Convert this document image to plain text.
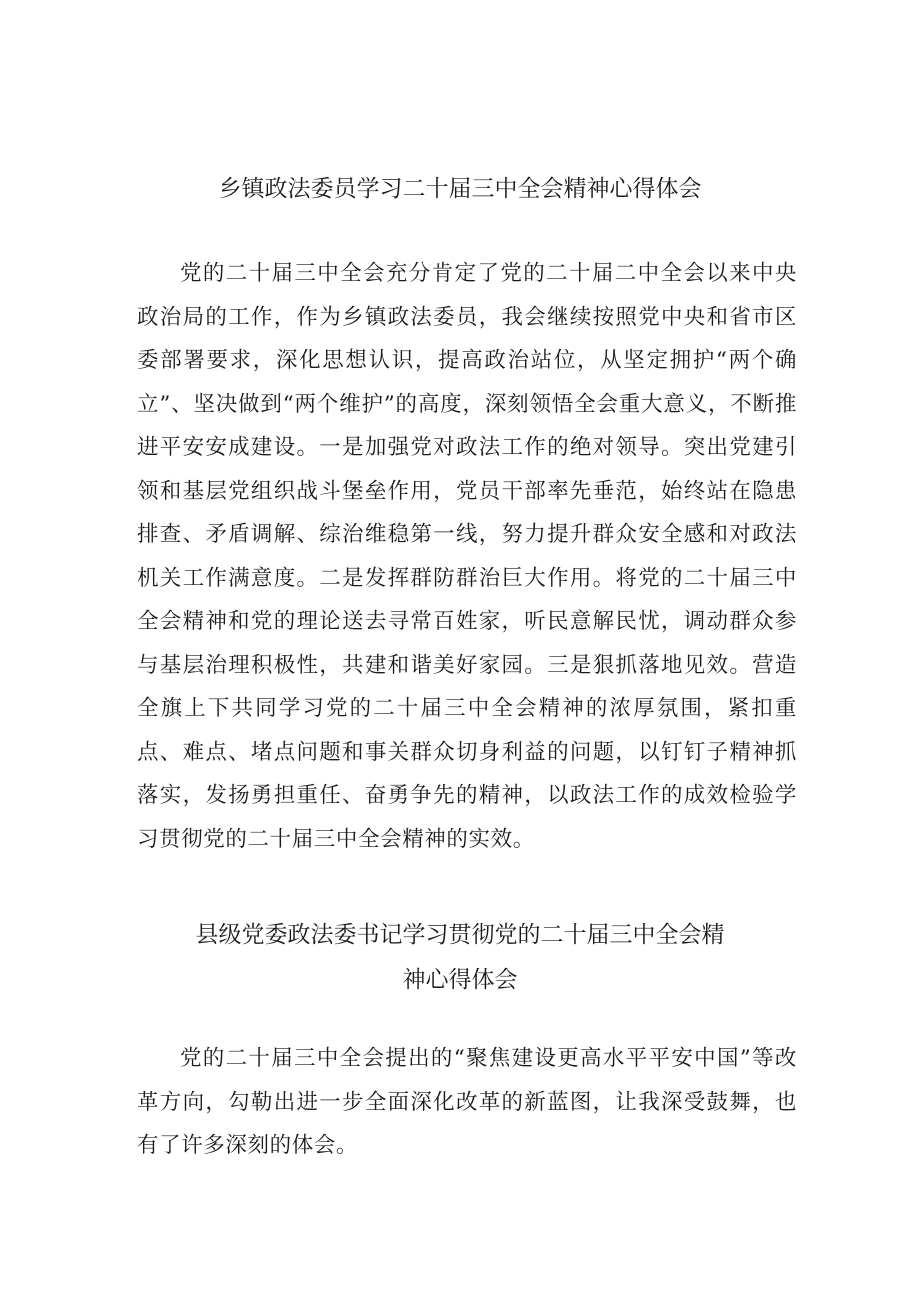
乡镇政法委员学习二十届三中全会精神心得体会

党的二十届三中全会充分肯定了党的二十届二中全会以来中央政治局的工作，作为乡镇政法委员，我会继续按照党中央和省市区委部署要求，深化思想认识，提高政治站位，从坚定拥护“两个确立”、坚决做到“两个维护”的高度，深刻领悟全会重大意义，不断推进平安安成建设。一是加强党对政法工作的绝对领导。突出党建引领和基层党组织战斗堡垒作用，党员干部率先垂范，始终站在隐患排查、矛盾调解、综治维稳第一线，努力提升群众安全感和对政法机关工作满意度。二是发挥群防群治巨大作用。将党的二十届三中全会精神和党的理论送去寻常百姓家，听民意解民忧，调动群众参与基层治理积极性，共建和谐美好家园。三是狠抓落地见效。营造全旗上下共同学习党的二十届三中全会精神的浓厚氛围，紧扣重点、难点、堵点问题和事关群众切身利益的问题，以钉钉子精神抓落实，发扬勇担重任、奋勇争先的精神，以政法工作的成效检验学习贯彻党的二十届三中全会精神的实效。

县级党委政法委书记学习贯彻党的二十届三中全会精
神心得体会

党的二十届三中全会提出的“聚焦建设更高水平平安中国”等改革方向，勾勒出进一步全面深化改革的新蓝图，让我深受鼓舞，也有了许多深刻的体会。
